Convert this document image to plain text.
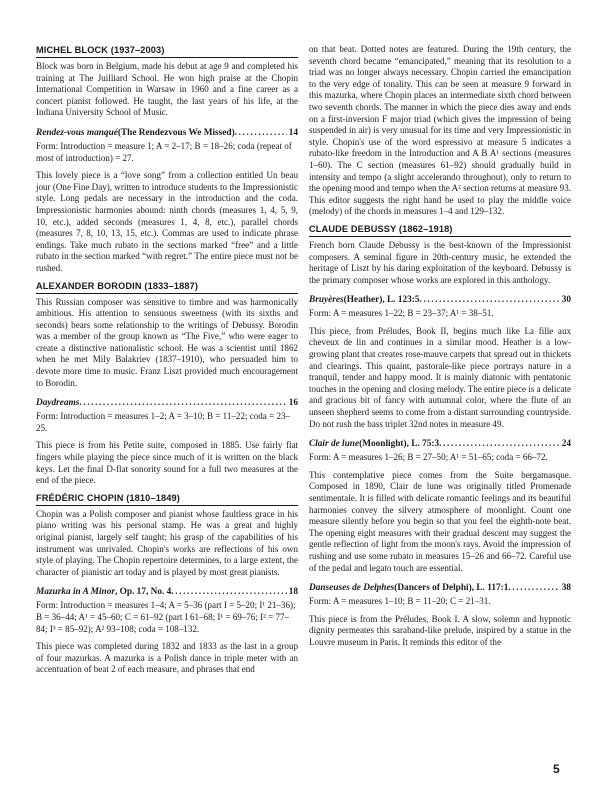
MICHEL BLOCK (1937–2003)

Block was born in Belgium, made his debut at age 9 and completed his training at The Juilliard School. He won high praise at the Chopin International Competition in Warsaw in 1960 and a fine career as a concert pianist followed. He taught, the last years of his life, at the Indiana University School of Music.

Rendez-vous manqué (The Rendezvous We Missed) .....	14

Form: Introduction = measure 1; A = 2–17; B = 18–26; coda (repeat of most of introduction) = 27.

This lovely piece is a “love song” from a collection entitled Un beau jour (One Fine Day), written to introduce students to the Impressionistic style. Long pedals are necessary in the introduction and the coda. Impressionistic harmonies abound: ninth chords (measures 1, 4, 5, 9, 10, etc.), added seconds (measures 1, 4, 8, etc.), parallel chords (measures 7, 8, 10, 13, 15, etc.). Commas are used to indicate phrase endings. Take much rubato in the sections marked “free” and a little rubato in the section marked “with regret.” The entire piece must not be rushed.

ALEXANDER BORODIN (1833–1887)

This Russian composer was sensitive to timbre and was harmonically ambitious. His attention to sensuous sweetness (with its sixths and seconds) bears some relationship to the writings of Debussy. Borodin was a member of the group known as “The Five,” who were eager to create a distinctive nationalistic school. He was a scientist until 1862 when he met Mily Balakriev (1837–1910), who persuaded him to devote more time to music. Franz Liszt provided much encouragement to Borodin.

Daydreams .....	16

Form: Introduction = measures 1–2; A = 3–10; B = 11–22; coda = 23–25.

This piece is from his Petite suite, composed in 1885. Use fairly flat fingers while playing the piece since much of it is written on the black keys. Let the final D-flat sonority sound for a full two measures at the end of the piece.

FRÉDÉRIC CHOPIN (1810–1849)

Chopin was a Polish composer and pianist whose faultless grace in his piano writing was his personal stamp. He was a great and highly original pianist, largely self taught; his grasp of the capabilities of his instrument was unrivaled. Chopin's works are reflections of his own style of playing. The Chopin repertoire determines, to a large extent, the character of pianistic art today and is played by most great pianists.

Mazurka in A Minor , Op. 17, No. 4 .....	18

Form: Introduction = measures 1–4; A = 5–36 (part I = 5–20; I¹ 21–36); B = 36–44; A¹ = 45–60; C = 61–92 (part I 61–68; I¹ = 69–76; I² = 77–84; I³ = 85–92); A² 93–108; coda = 108–132.

This piece was completed during 1832 and 1833 as the last in a group of four mazurkas. A mazurka is a Polish dance in triple meter with an accentuation of beat 2 of each measure, and phrases that end

on that beat. Dotted notes are featured. During the 19th century, the seventh chord became “emancipated,” meaning that its resolution to a triad was no longer always necessary. Chopin carried the emancipation to the very edge of tonality. This can be seen at measure 9 forward in this mazurka, where Chopin places an intermediate sixth chord between two seventh chords. The manner in which the piece dies away and ends on a first-inversion F major triad (which gives the impression of being suspended in air) is very unusual for its time and very Impressionistic in style. Chopin's use of the word espressivo at measure 5 indicates a rubato-like freedom in the Introduction and A B A¹ sections (measures 1–60). The C section (measures 61–92) should gradually build in intensity and tempo (a slight accelerando throughout), only to return to the opening mood and tempo when the A² section returns at measure 93. This editor suggests the right hand be used to play the middle voice (melody) of the chords in measures 1–4 and 129–132.

CLAUDE DEBUSSY (1862–1918)

French born Claude Debussy is the best-known of the Impressionist composers. A seminal figure in 20th-century music, he extended the heritage of Liszt by his daring exploitation of the keyboard. Debussy is the primary composer whose works are explored in this anthology.

Bruyères (Heather), L. 123:5 .....	30

Form: A = measures 1–22; B = 23–37; A¹ = 38–51.

This piece, from Préludes, Book II, begins much like La fille aux cheveux de lin and continues in a similar mood. Heather is a low-growing plant that creates rose-mauve carpets that spread out in thickets and clearings. This quaint, pastorale-like piece portrays nature in a tranquil, tender and happy mood. It is mainly diatonic with pentatonic touches in the opening and closing melody. The entire piece is a delicate and gracious bit of fancy with autumnal color, where the flute of an unseen shepherd seems to come from a distant surrounding countryside. Do not rush the bass triplet 32nd notes in measure 49.

Clair de lune (Moonlight), L. 75:3 .....	24

Form: A = measures 1–26; B = 27–50; A¹ = 51–65; coda = 66–72.

This contemplative piece comes from the Suite bergamasque. Composed in 1890, Clair de lune was originally titled Promenade sentimentale. It is filled with delicate romantic feelings and its beautiful harmonies convey the silvery atmosphere of moonlight. Count one measure silently before you begin so that you feel the eighth-note beat. The opening eight measures with their gradual descent may suggest the gentle reflection of light from the moon's rays. Avoid the impression of rushing and use some rubato in measures 15–26 and 66–72. Careful use of the pedal and legato touch are essential.

Danseuses de Delphes (Dancers of Delphi), L. 117:1 .....	38

Form: A = measures 1–10; B = 11–20; C = 21–31.

This piece is from the Préludes, Book I. A slow, solemn and hypnotic dignity permeates this saraband-like prelude, inspired by a statue in the Louvre museum in Paris. It reminds this editor of the

5
